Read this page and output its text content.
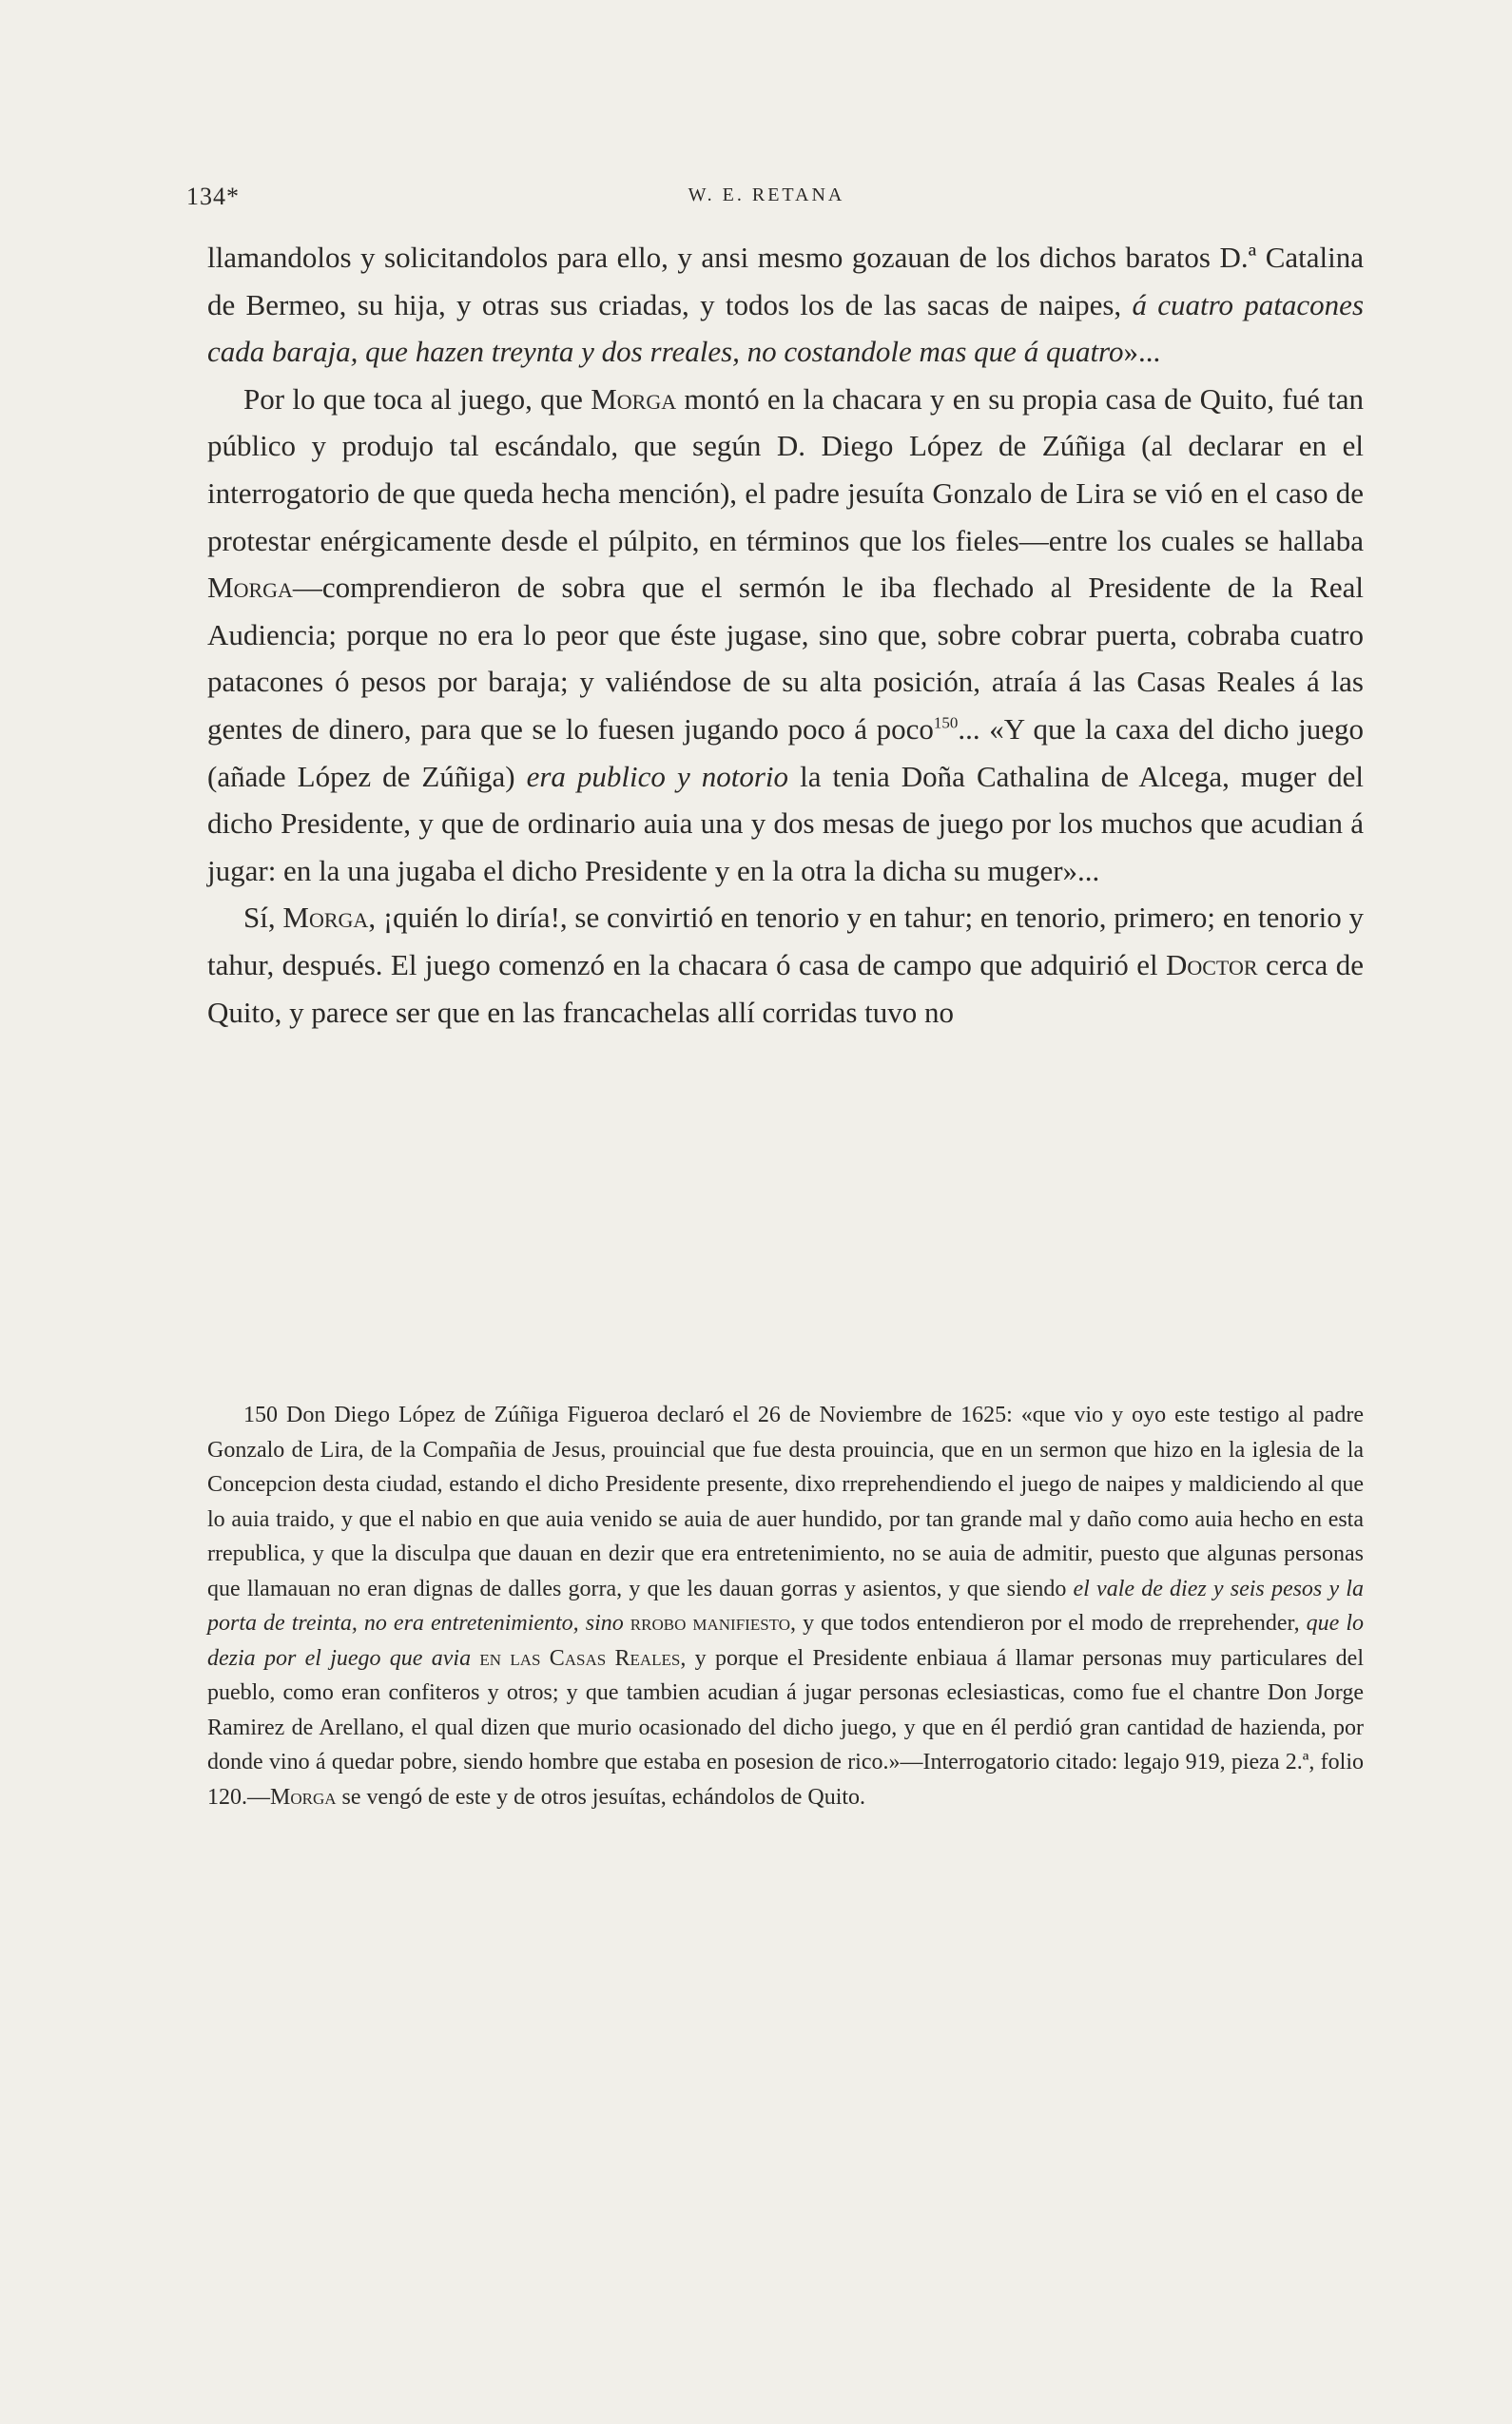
134*	W. E. RETANA

llamandolos y solicitandolos para ello, y ansi mesmo gozauan de los dichos baratos D.ª Catalina de Bermeo, su hija, y otras sus criadas, y todos los de las sacas de naipes, á cuatro patacones cada baraja, que hazen treynta y dos rreales, no costandole mas que á quatro»...

Por lo que toca al juego, que Morga montó en la chacara y en su propia casa de Quito, fué tan público y produjo tal escándalo, que según D. Diego López de Zúñiga (al declarar en el interrogatorio de que queda hecha mención), el padre jesuíta Gonzalo de Lira se vió en el caso de protestar enérgicamente desde el púlpito, en términos que los fieles—entre los cuales se hallaba Morga—comprendieron de sobra que el sermón le iba flechado al Presidente de la Real Audiencia; porque no era lo peor que éste jugase, sino que, sobre cobrar puerta, cobraba cuatro patacones ó pesos por baraja; y valiéndose de su alta posición, atraía á las Casas Reales á las gentes de dinero, para que se lo fuesen jugando poco á poco$^{150}$... «Y que la caxa del dicho juego (añade López de Zúñiga) era publico y notorio la tenia Doña Cathalina de Alcega, muger del dicho Presidente, y que de ordinario auia una y dos mesas de juego por los muchos que acudian á jugar: en la una jugaba el dicho Presidente y en la otra la dicha su muger»...

Sí, Morga, ¡quién lo diría!, se convirtió en tenorio y en tahur; en tenorio, primero; en tenorio y tahur, después. El juego comenzó en la chacara ó casa de campo que adquirió el Doctor cerca de Quito, y parece ser que en las francachelas allí corridas tuvo no

150 Don Diego López de Zúñiga Figueroa declaró el 26 de Noviembre de 1625: «que vio y oyo este testigo al padre Gonzalo de Lira, de la Compañia de Jesus, prouincial que fue desta prouincia, que en un sermon que hizo en la iglesia de la Concepcion desta ciudad, estando el dicho Presidente presente, dixo rreprehendiendo el juego de naipes y maldiciendo al que lo auia traido, y que el nabio en que auia venido se auia de auer hundido, por tan grande mal y daño como auia hecho en esta rrepublica, y que la disculpa que dauan en dezir que era entretenimiento, no se auia de admitir, puesto que algunas personas que llamauan no eran dignas de dalles gorra, y que les dauan gorras y asientos, y que siendo el vale de diez y seis pesos y la porta de treinta, no era entretenimiento, sino rrobo manifiesto, y que todos entendieron por el modo de rreprehender, que lo dezia por el juego que avia en las Casas Reales, y porque el Presidente enbiaua á llamar personas muy particulares del pueblo, como eran confiteros y otros; y que tambien acudian á jugar personas eclesiasticas, como fue el chantre Don Jorge Ramirez de Arellano, el qual dizen que murio ocasionado del dicho juego, y que en él perdió gran cantidad de hazienda, por donde vino á quedar pobre, siendo hombre que estaba en posesion de rico.»—Interrogatorio citado: legajo 919, pieza 2.ª, folio 120.—Morga se vengó de este y de otros jesuítas, echándolos de Quito.
